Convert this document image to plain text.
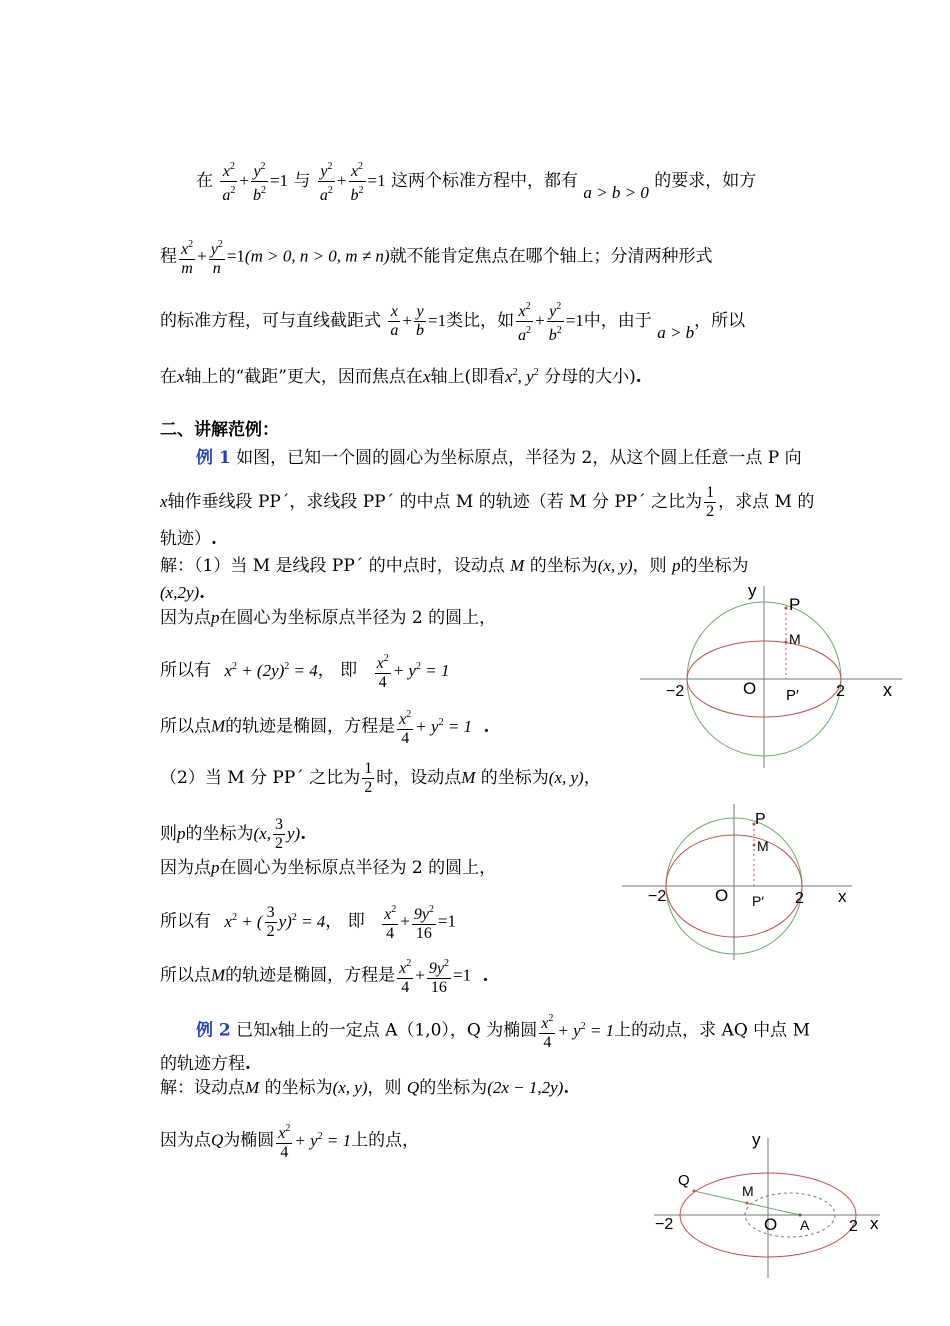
在 $\frac{x^2}{a^2} + \frac{y^2}{b^2} =1$ 与 $\frac{y^2}{a^2} + \frac{x^2}{b^2} =1$ 这两个标准方程中，都有 a > b > 0 的要求，如方
程 $\frac{x^2}{m} + \frac{y^2}{n} =1(m > 0$, n > 0, m ≠ n)就不能肯定焦点在哪个轴上；分清两种形式
的标准方程，可与直线截距式 $\frac{x}{a} + \frac{y}{b} =1$类比，如 $\frac{x^2}{a^2} + \frac{y^2}{b^2} =1$中，由于 a > b，所以
在x轴上的“截距”更大，因而焦点在x轴上(即看$x^2$, $y^2$ 分母的大小).
二、讲解范例：
例 1 如图，已知一个圆的圆心为坐标原点，半径为 2，从这个圆上任意一点 P 向
x轴作垂线段 PP´，求线段 PP´ 的中点 M 的轨迹（若 M 分 PP´ 之比为 $\frac{1}{2}$ ，求点 M 的
轨迹）.
解：（1）当 M 是线段 PP´ 的中点时，设动点 M 的坐标为(x, y)，则 p的坐标为
(x,2y).
因为点p在圆心为坐标原点半径为 2 的圆上，
所以有 $x^2 + (2y)^2 = 4$， 即 $\frac{x^2}{4} + y^2 = 1$
所以点M的轨迹是椭圆，方程是 $\frac{x^2}{4} + y^2 = 1$ .
（2）当 M 分 PP´ 之比为 $\frac{1}{2}$ 时，设动点M 的坐标为(x, y)，
则p的坐标为(x, $\frac{3}{2} y$).
因为点p在圆心为坐标原点半径为 2 的圆上，
所以有 $x^2$ + ( $\frac{3}{2} y)^2 = 4$， 即 $\frac{x^2}{4} + \frac{9y^2}{16} =1$
所以点M的轨迹是椭圆，方程是 $\frac{x^2}{4} + \frac{9y^2}{16} =1$ .
例 2 已知x轴上的一定点 A（1,0），Q 为椭圆 $\frac{x^2}{4} + y^2 = 1$上的动点，求 AQ 中点 M
的轨迹方程.
解：设动点M 的坐标为(x, y)，则 Q的坐标为(2x − 1,2y).
因为点Q为椭圆 $\frac{x^2}{4} + y^2 = 1$上的点，
y
P
M
O P′
−2	2 x
P
M
O P′
−2	2 x
y
Q
M
O A
−2	2 x
